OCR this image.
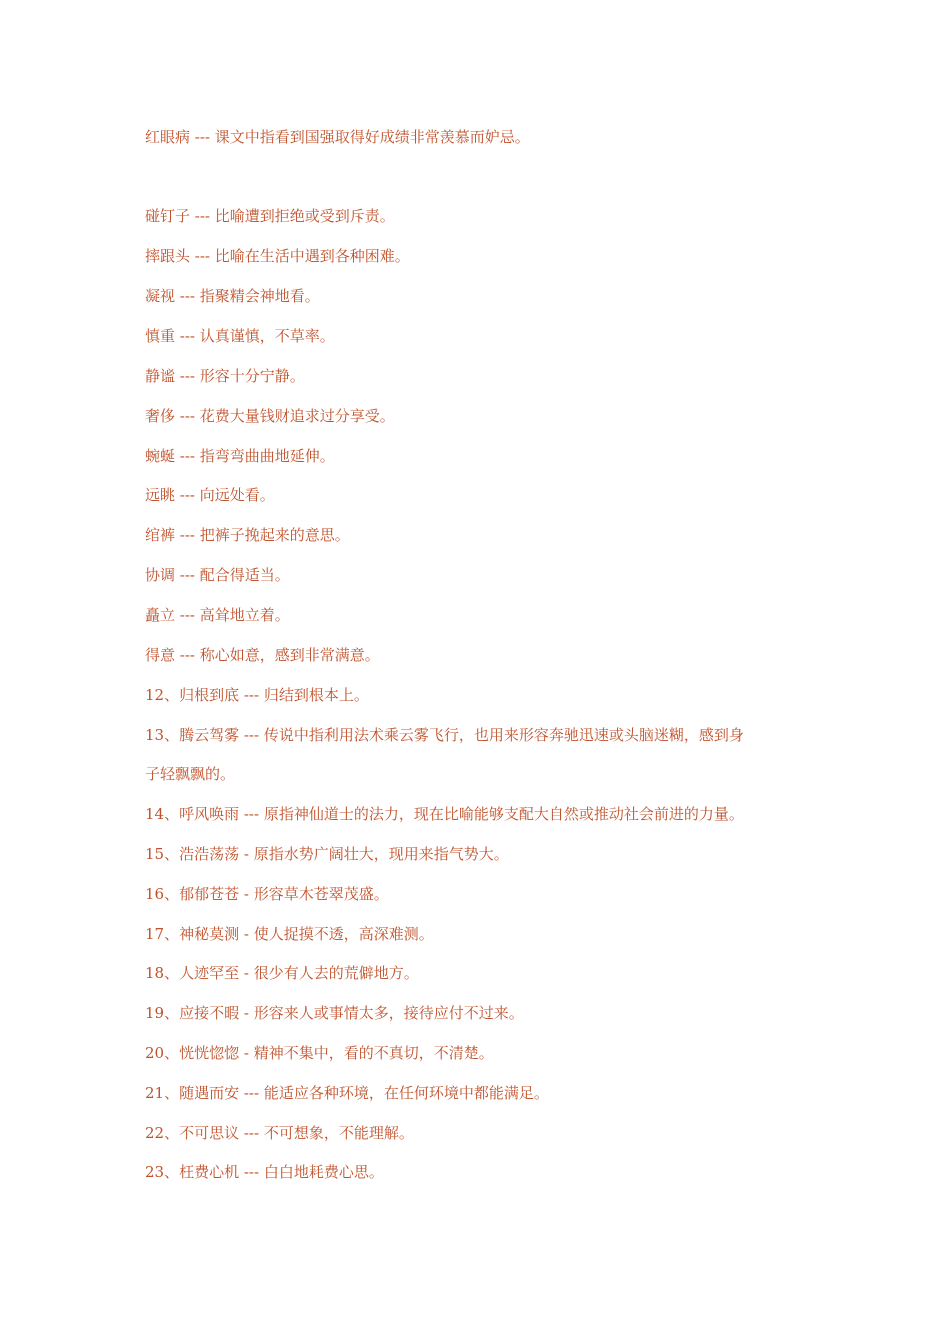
红眼病 --- 课文中指看到国强取得好成绩非常羡慕而妒忌。

碰钉子 --- 比喻遭到拒绝或受到斥责。

摔跟头 --- 比喻在生活中遇到各种困难。

凝视 --- 指聚精会神地看。

慎重 --- 认真谨慎，不草率。

静谧 --- 形容十分宁静。

奢侈 --- 花费大量钱财追求过分享受。

蜿蜒 --- 指弯弯曲曲地延伸。

远眺 --- 向远处看。

绾裤 --- 把裤子挽起来的意思。

协调 --- 配合得适当。

矗立 --- 高耸地立着。

得意 --- 称心如意，感到非常满意。

12、归根到底 --- 归结到根本上。

13、腾云驾雾 --- 传说中指利用法术乘云雾飞行，也用来形容奔驰迅速或头脑迷糊，感到身

子轻飘飘的。

14、呼风唤雨 --- 原指神仙道士的法力，现在比喻能够支配大自然或推动社会前进的力量。

15、浩浩荡荡 - 原指水势广阔壮大，现用来指气势大。

16、郁郁苍苍 - 形容草木苍翠茂盛。

17、神秘莫测 - 使人捉摸不透，高深难测。

18、人迹罕至 - 很少有人去的荒僻地方。

19、应接不暇 - 形容来人或事情太多，接待应付不过来。

20、恍恍惚惚 - 精神不集中，看的不真切，不清楚。

21、随遇而安 --- 能适应各种环境，在任何环境中都能满足。

22、不可思议 --- 不可想象，不能理解。

23、枉费心机 --- 白白地耗费心思。
